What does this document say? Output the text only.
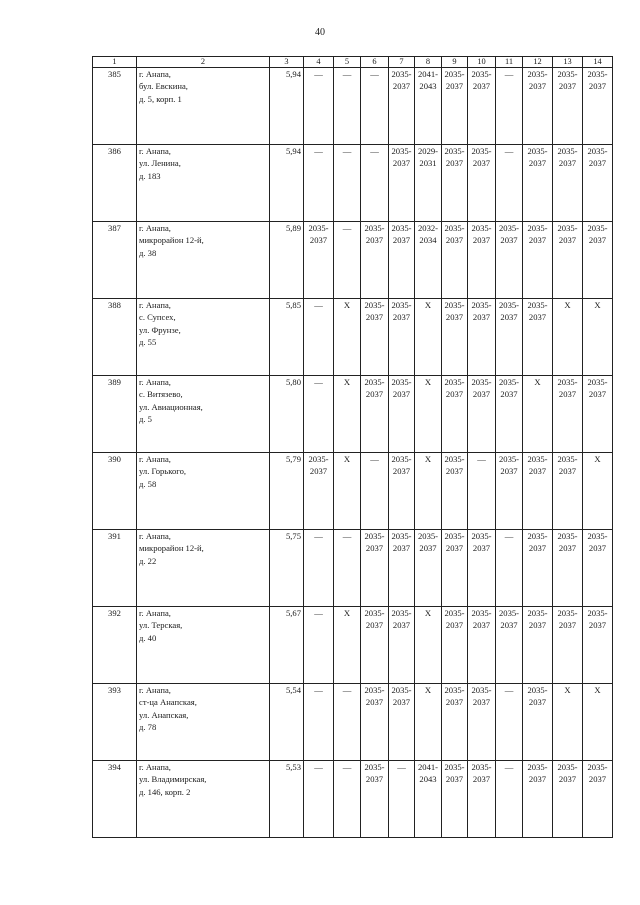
40
1	2	3	4	5	6	7	8	9	10	11	12	13	14
385	г. Анапа,
бул. Евскина,
д. 5, корп. 1	5,94	—	—	—	2035-
2037	2041-
2043	2035-
2037	2035-
2037	—	2035-
2037	2035-
2037	2035-
2037

386	г. Анапа,
ул. Ленина,
д. 183	5,94	—	—	—	2035-
2037	2029-
2031	2035-
2037	2035-
2037	—	2035-
2037	2035-
2037	2035-
2037

387	г. Анапа,
микрорайон 12-й,
д. 38	5,89	2035-
2037	—	2035-
2037	2035-
2037	2032-
2034	2035-
2037	2035-
2037	2035-
2037	2035-
2037	2035-
2037	2035-
2037

388	г. Анапа,
с. Супсех,
ул. Фрунзе,
д. 55	5,85	—	X	2035-
2037	2035-
2037	X	2035-
2037	2035-
2037	2035-
2037	2035-
2037	X	X

389	г. Анапа,
с. Витязево,
ул. Авиационная,
д. 5	5,80	—	X	2035-
2037	2035-
2037	X	2035-
2037	2035-
2037	2035-
2037	X	2035-
2037	2035-
2037

390	г. Анапа,
ул. Горького,
д. 58	5,79	2035-
2037	X	—	2035-
2037	X	2035-
2037	—	2035-
2037	2035-
2037	2035-
2037	X

391	г. Анапа,
микрорайон 12-й,
д. 22	5,75	—	—	2035-
2037	2035-
2037	2035-
2037	2035-
2037	2035-
2037	—	2035-
2037	2035-
2037	2035-
2037

392	г. Анапа,
ул. Терская,
д. 40	5,67	—	X	2035-
2037	2035-
2037	X	2035-
2037	2035-
2037	2035-
2037	2035-
2037	2035-
2037	2035-
2037

393	г. Анапа,
ст-ца Анапская,
ул. Анапская,
д. 78	5,54	—	—	2035-
2037	2035-
2037	X	2035-
2037	2035-
2037	—	2035-
2037	X	X

394	г. Анапа,
ул. Владимирская,
д. 146, корп. 2	5,53	—	—	2035-
2037	—	2041-
2043	2035-
2037	2035-
2037	—	2035-
2037	2035-
2037	2035-
2037
